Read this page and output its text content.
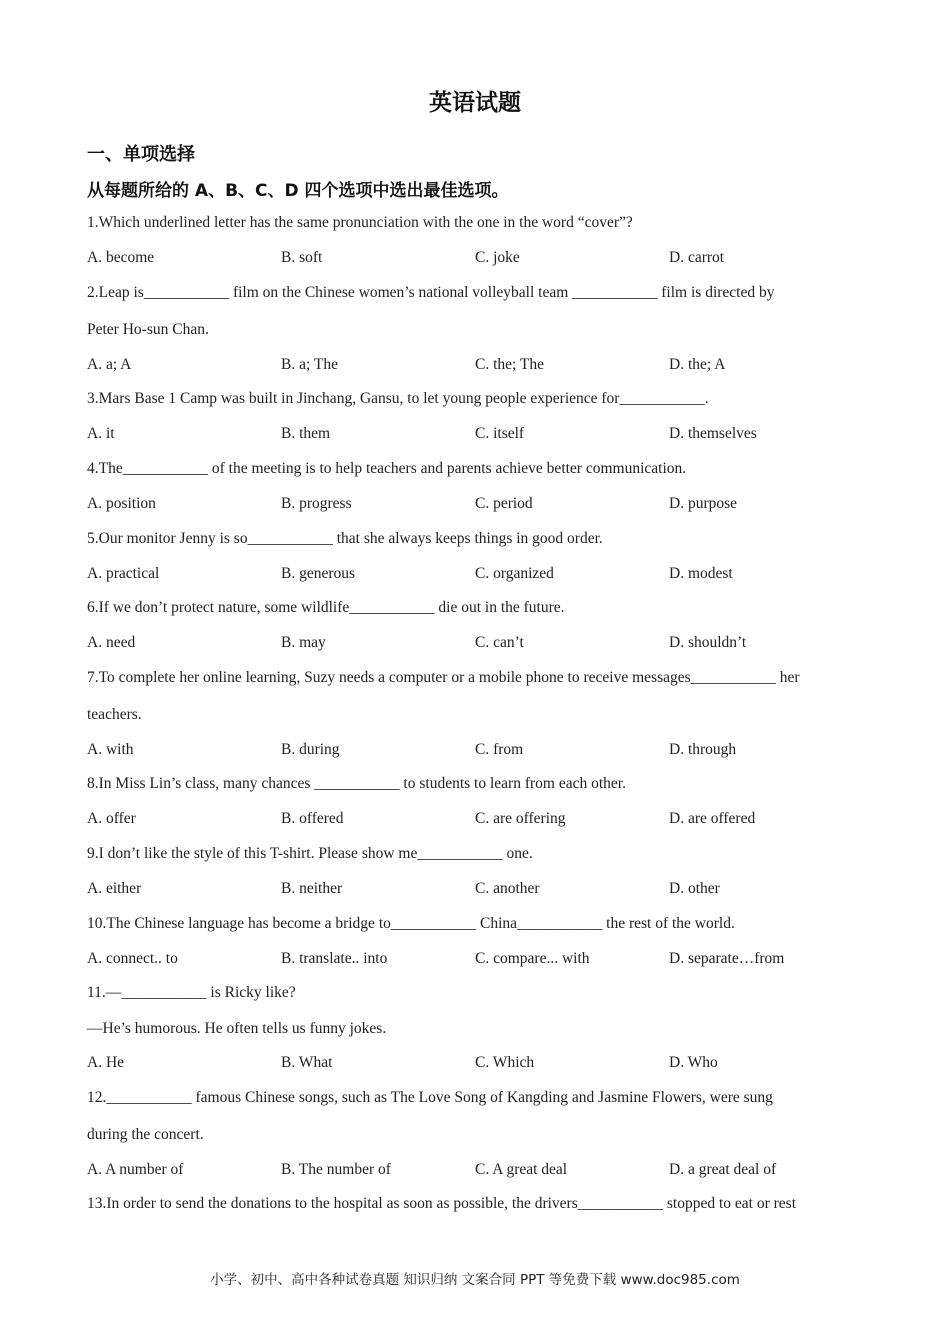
英语试题
一、单项选择
从每题所给的 A、B、C、D 四个选项中选出最佳选项。
1.Which underlined letter has the same pronunciation with the one in the word “cover”?
A. become	B. soft	C. joke	D. carrot
2.Leap is___________ film on the Chinese women’s national volleyball team ___________ film is directed by
Peter Ho-sun Chan.
A. a; A	B. a; The	C. the; The	D. the; A
3.Mars Base 1 Camp was built in Jinchang, Gansu, to let young people experience for___________.
A. it	B. them	C. itself	D. themselves
4.The___________ of the meeting is to help teachers and parents achieve better communication.
A. position	B. progress	C. period	D. purpose
5.Our monitor Jenny is so___________ that she always keeps things in good order.
A. practical	B. generous	C. organized	D. modest
6.If we don’t protect nature, some wildlife___________ die out in the future.
A. need	B. may	C. can’t	D. shouldn’t
7.To complete her online learning, Suzy needs a computer or a mobile phone to receive messages___________ her
teachers.
A. with	B. during	C. from	D. through
8.In Miss Lin’s class, many chances ___________ to students to learn from each other.
A. offer	B. offered	C. are offering	D. are offered
9.I don’t like the style of this T-shirt. Please show me___________ one.
A. either	B. neither	C. another	D. other
10.The Chinese language has become a bridge to___________ China___________ the rest of the world.
A. connect.. to	B. translate.. into	C. compare... with	D. separate…from
11.—___________ is Ricky like?
—He’s humorous. He often tells us funny jokes.
A. He	B. What	C. Which	D. Who
12.___________ famous Chinese songs, such as The Love Song of Kangding and Jasmine Flowers, were sung
during the concert.
A. A number of	B. The number of	C. A great deal	D. a great deal of
13.In order to send the donations to the hospital as soon as possible, the drivers___________ stopped to eat or rest
小学、初中、高中各种试卷真题 知识归纳 文案合同 PPT 等免费下载 www.doc985.com
